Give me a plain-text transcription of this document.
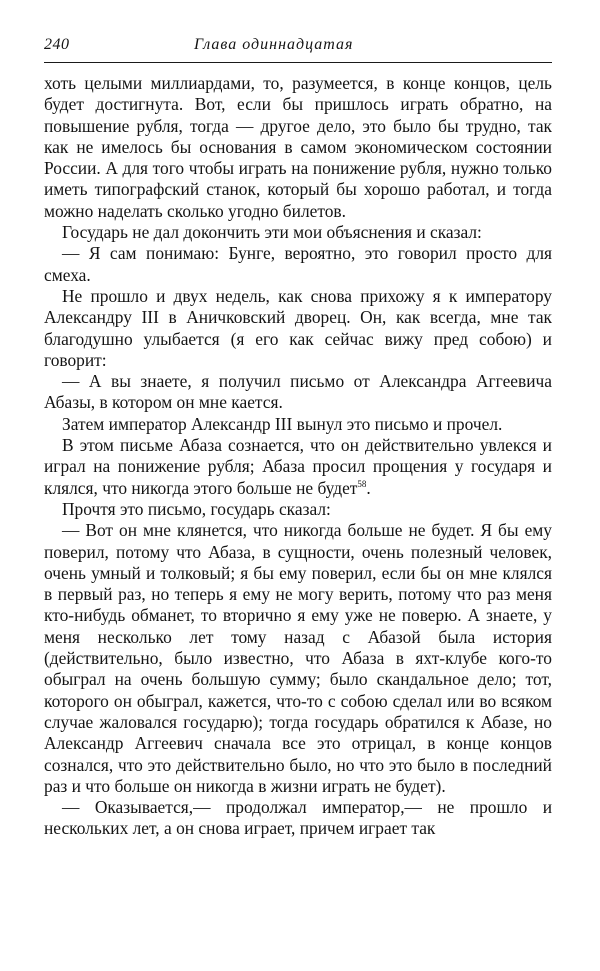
240	Глава одиннадцатая

хоть целыми миллиардами, то, разумеется, в конце концов, цель будет достигнута. Вот, если бы пришлось играть обратно, на повышение рубля, тогда — другое дело, это было бы трудно, так как не имелось бы основания в самом экономическом состоянии России. А для того чтобы играть на понижение рубля, нужно только иметь типографский станок, который бы хорошо работал, и тогда можно наделать сколько угодно билетов.

Государь не дал докончить эти мои объяснения и сказал:

— Я сам понимаю: Бунге, вероятно, это говорил просто для смеха.

Не прошло и двух недель, как снова прихожу я к императору Александру III в Аничковский дворец. Он, как всегда, мне так благодушно улыбается (я его как сейчас вижу пред собою) и говорит:

— А вы знаете, я получил письмо от Александра Аггеевича Абазы, в котором он мне кается.

Затем император Александр III вынул это письмо и прочел.

В этом письме Абаза сознается, что он действительно увлекся и играл на понижение рубля; Абаза просил прощения у государя и клялся, что никогда этого больше не будет$^{58}$.

Прочтя это письмо, государь сказал:

— Вот он мне клянется, что никогда больше не будет. Я бы ему поверил, потому что Абаза, в сущности, очень полезный человек, очень умный и толковый; я бы ему поверил, если бы он мне клялся в первый раз, но теперь я ему не могу верить, потому что раз меня кто-нибудь обманет, то вторично я ему уже не поверю. А знаете, у меня несколько лет тому назад с Абазой была история (действительно, было известно, что Абаза в яхт-клубе кого-то обыграл на очень большую сумму; было скандальное дело; тот, которого он обыграл, кажется, что-то с собою сделал или во всяком случае жаловался государю); тогда государь обратился к Абазе, но Александр Аггеевич сначала все это отрицал, в конце концов сознался, что это действительно было, но что это было в последний раз и что больше он никогда в жизни играть не будет).

— Оказывается,— продолжал император,— не прошло и нескольких лет, а он снова играет, причем играет так
